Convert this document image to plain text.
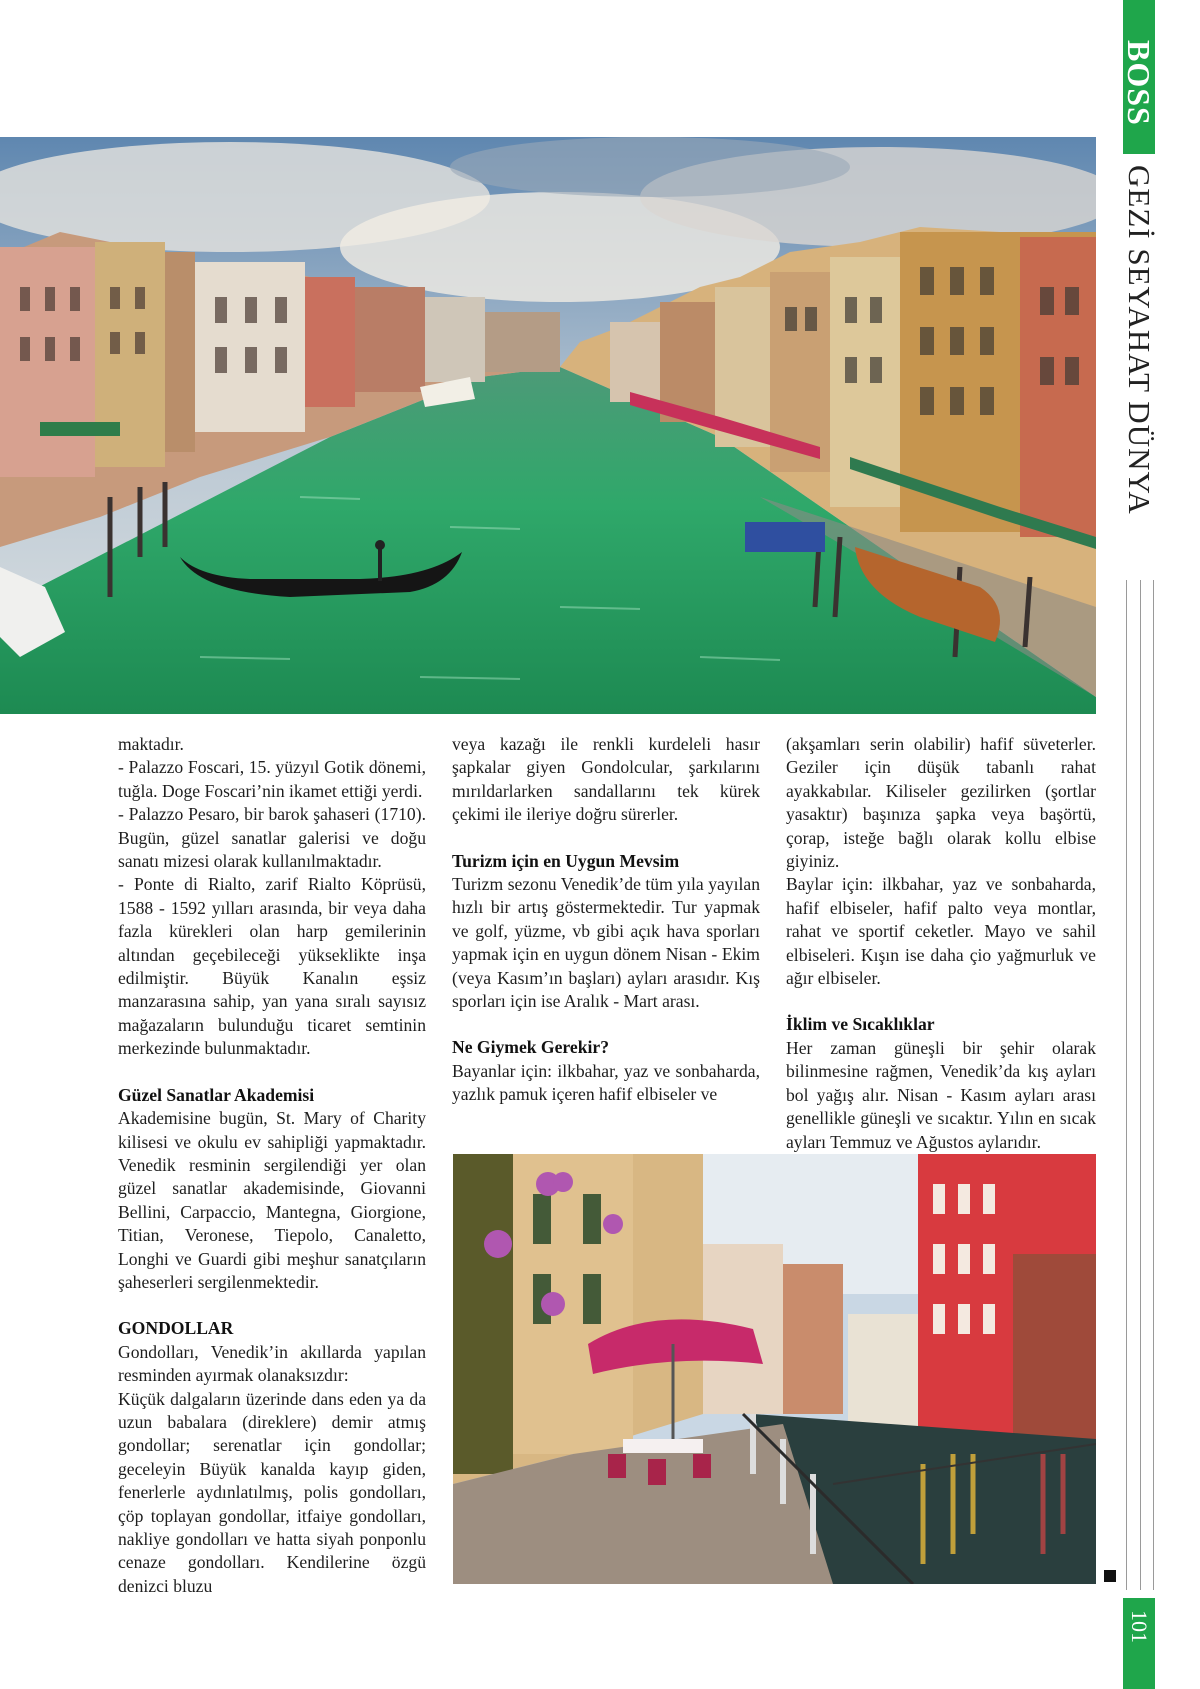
BOSS
GEZİ SEYAHAT DÜNYA
101

maktadır.
- Palazzo Foscari, 15. yüzyıl Gotik dönemi, tuğla. Doge Foscari’nin ikamet ettiği yerdi.
- Palazzo Pesaro, bir barok şahaseri (1710). Bugün, güzel sanatlar galerisi ve doğu sanatı mizesi olarak kullanılmaktadır.
- Ponte di Rialto, zarif Rialto Köprüsü, 1588 - 1592 yılları arasında, bir veya daha fazla kürekleri olan harp gemilerinin altından geçebileceği yükseklikte inşa edilmiştir. Büyük Kanalın eşsiz manzarasına sahip, yan yana sıralı sayısız mağazaların bulunduğu ticaret semtinin merkezinde bulunmaktadır.

Güzel Sanatlar Akademisi

Akademisine bugün, St. Mary of Charity kilisesi ve okulu ev sahipliği yapmaktadır. Venedik resminin sergilendiği yer olan güzel sanatlar akademisinde, Giovanni Bellini, Carpaccio, Mantegna, Giorgione, Titian, Veronese, Tiepolo, Canaletto, Longhi ve Guardi gibi meşhur sanatçıların şaheserleri sergilenmektedir.

GONDOLLAR

Gondolları, Venedik’in akıllarda yapılan resminden ayırmak olanaksızdır:
Küçük dalgaların üzerinde dans eden ya da uzun babalara (direklere) demir atmış gondollar; serenatlar için gondollar; geceleyin Büyük kanalda kayıp giden, fenerlerle aydınlatılmış, polis gondolları, çöp toplayan gondollar, itfaiye gondolları, nakliye gondolları ve hatta siyah ponponlu cenaze gondolları. Kendilerine özgü denizci bluzu

veya kazağı ile renkli kurdeleli hasır şapkalar giyen Gondolcular, şarkılarını mırıldarlarken sandallarını tek kürek çekimi ile ileriye doğru sürerler.

Turizm için en Uygun Mevsim

Turizm sezonu Venedik’de tüm yıla yayılan hızlı bir artış göstermektedir. Tur yapmak ve golf, yüzme, vb gibi açık hava sporları yapmak için en uygun dönem Nisan - Ekim (veya Kasım’ın başları) ayları arasıdır. Kış sporları için ise Aralık - Mart arası.

Ne Giymek Gerekir?

Bayanlar için: ilkbahar, yaz ve sonbaharda, yazlık pamuk içeren hafif elbiseler ve

(akşamları serin olabilir) hafif süveterler. Geziler için düşük tabanlı rahat ayakkabılar. Kiliseler gezilirken (şortlar yasaktır) başınıza şapka veya başörtü, çorap, isteğe bağlı olarak kollu elbise giyiniz.
Baylar için: ilkbahar, yaz ve sonbaharda, hafif elbiseler, hafif palto veya montlar, rahat ve sportif ceketler. Mayo ve sahil elbiseleri. Kışın ise daha çio yağmurluk ve ağır elbiseler.

İklim ve Sıcaklıklar

Her zaman güneşli bir şehir olarak bilinmesine rağmen, Venedik’da kış ayları bol yağış alır. Nisan - Kasım ayları arası genellikle güneşli ve sıcaktır. Yılın en sıcak ayları Temmuz ve Ağustos aylarıdır.
